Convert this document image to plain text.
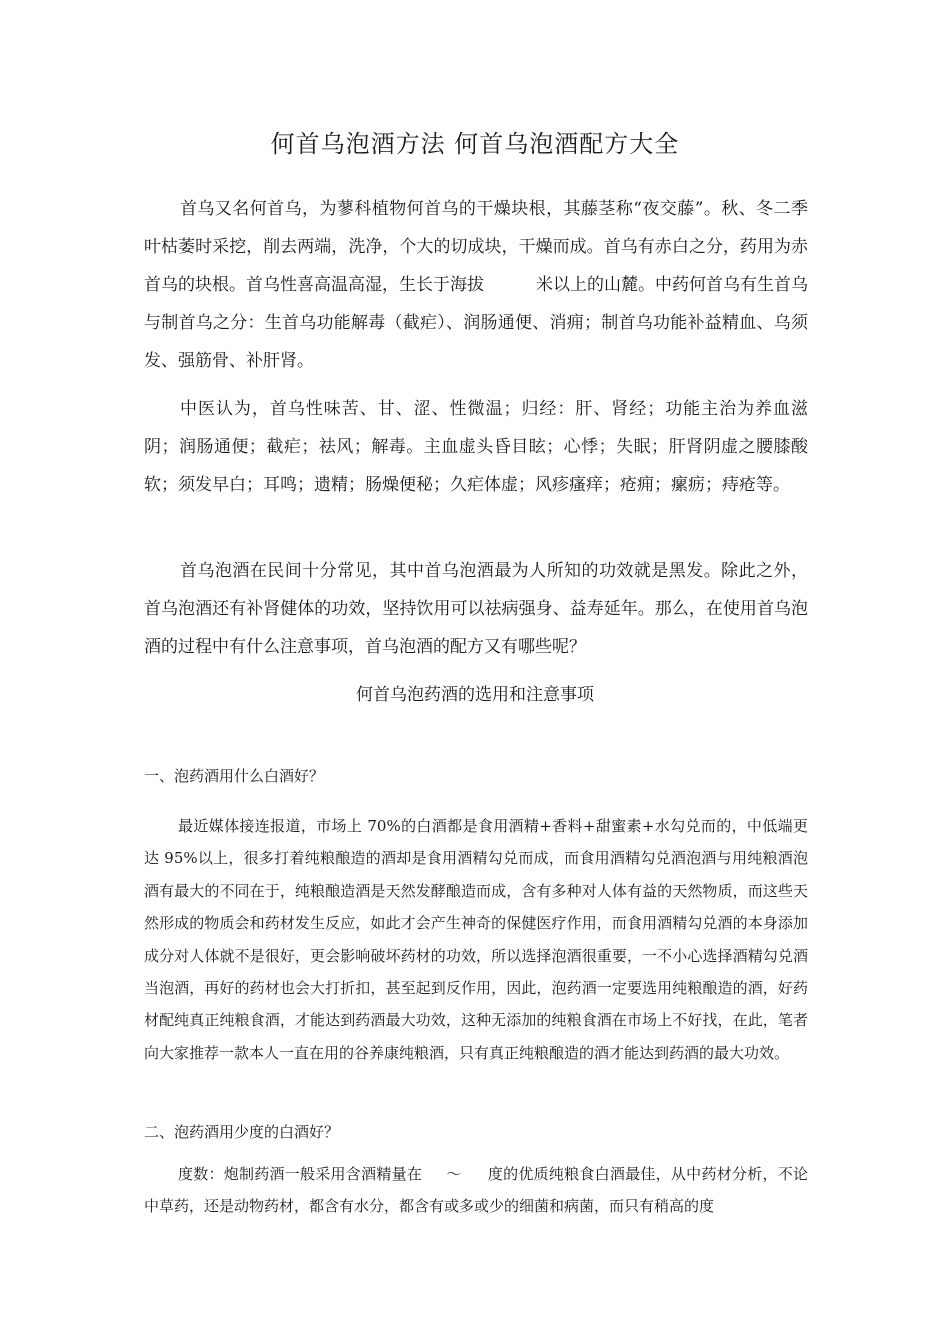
何首乌泡酒方法 何首乌泡酒配方大全

首乌又名何首乌，为蓼科植物何首乌的干燥块根，其藤茎称“夜交藤”。秋、冬二季叶枯萎时采挖，削去两端，洗净，个大的切成块，干燥而成。首乌有赤白之分，药用为赤首乌的块根。首乌性喜高温高湿，生长于海拔	米以上的山麓。中药何首乌有生首乌与制首乌之分：生首乌功能解毒（截疟）、润肠通便、消痈；制首乌功能补益精血、乌须发、强筋骨、补肝肾。

中医认为，首乌性味苦、甘、涩、性微温；归经：肝、肾经；功能主治为养血滋阴；润肠通便；截疟；祛风；解毒。主血虚头昏目眩；心悸；失眠；肝肾阴虚之腰膝酸软；须发早白；耳鸣；遗精；肠燥便秘；久疟体虚；风疹瘙痒；疮痈；瘰疬；痔疮等。

首乌泡酒在民间十分常见，其中首乌泡酒最为人所知的功效就是黑发。除此之外，首乌泡酒还有补肾健体的功效，坚持饮用可以祛病强身、益寿延年。那么，在使用首乌泡酒的过程中有什么注意事项，首乌泡酒的配方又有哪些呢？

何首乌泡药酒的选用和注意事项

一、泡药酒用什么白酒好？

最近媒体接连报道，市场上 70%的白酒都是食用酒精+香料+甜蜜素+水勾兑而的，中低端更达 95%以上，很多打着纯粮酿造的酒却是食用酒精勾兑而成，而食用酒精勾兑酒泡酒与用纯粮酒泡酒有最大的不同在于，纯粮酿造酒是天然发酵酿造而成，含有多种对人体有益的天然物质，而这些天然形成的物质会和药材发生反应，如此才会产生神奇的保健医疗作用，而食用酒精勾兑酒的本身添加成分对人体就不是很好，更会影响破坏药材的功效，所以选择泡酒很重要，一不小心选择酒精勾兑酒当泡酒，再好的药材也会大打折扣，甚至起到反作用，因此，泡药酒一定要选用纯粮酿造的酒，好药材配纯真正纯粮食酒，才能达到药酒最大功效，这种无添加的纯粮食酒在市场上不好找，在此，笔者向大家推荐一款本人一直在用的谷养康纯粮酒，只有真正纯粮酿造的酒才能达到药酒的最大功效。

二、泡药酒用少度的白酒好？

度数：炮制药酒一般采用含酒精量在 ～ 度的优质纯粮食白酒最佳，从中药材分析，不论中草药，还是动物药材，都含有水分，都含有或多或少的细菌和病菌，而只有稍高的度
